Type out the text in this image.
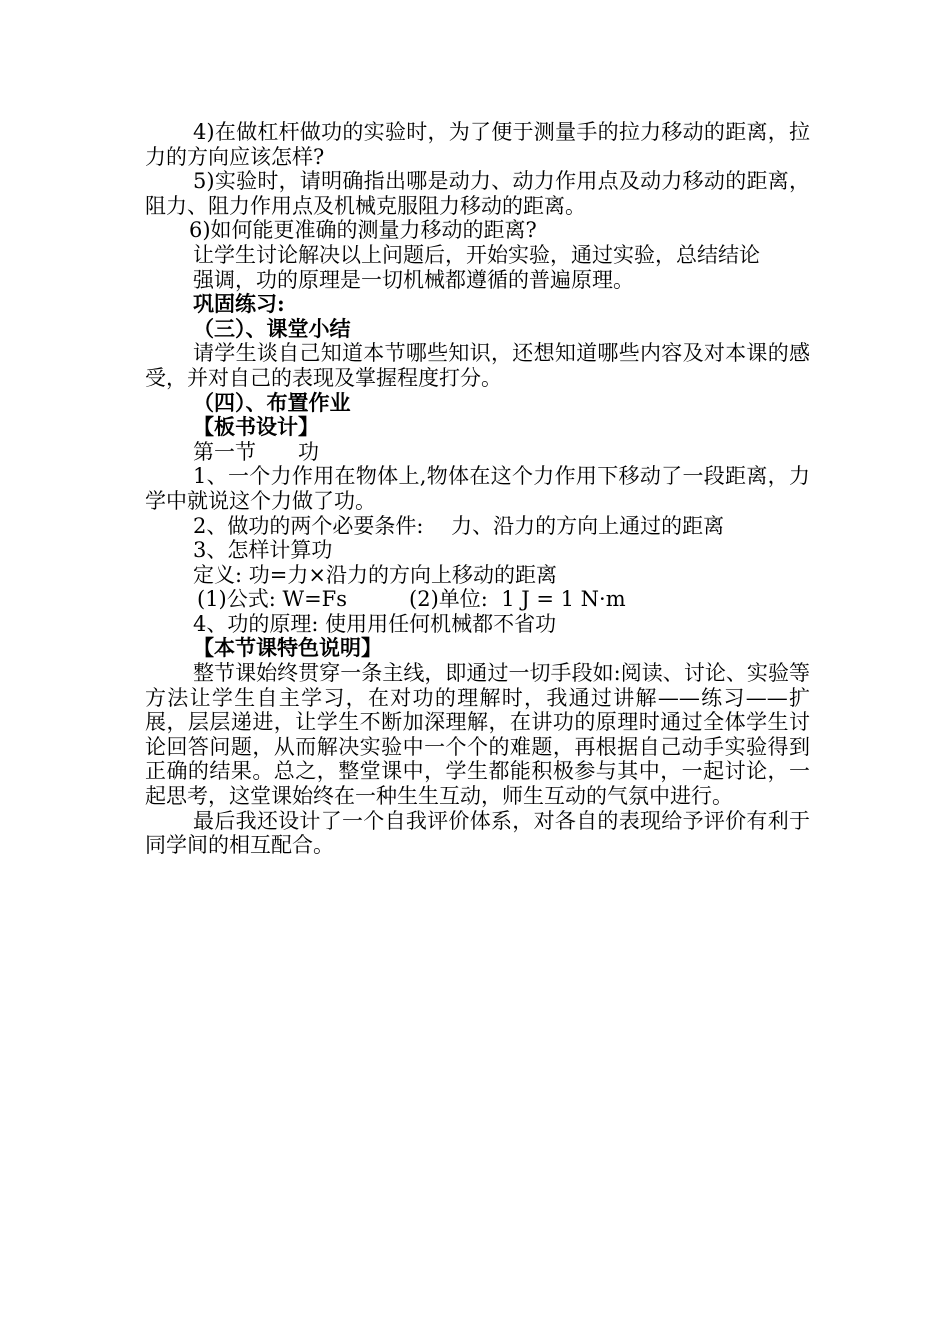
4)在做杠杆做功的实验时，为了便于测量手的拉力移动的距离，拉力的方向应该怎样?

5)实验时，请明确指出哪是动力、动力作用点及动力移动的距离，阻力、阻力作用点及机械克服阻力移动的距离。

6)如何能更准确的测量力移动的距离?

让学生讨论解决以上问题后，开始实验，通过实验，总结结论

强调，功的原理是一切机械都遵循的普遍原理。

巩固练习:

（三）、课堂小结

请学生谈自己知道本节哪些知识，还想知道哪些内容及对本课的感受，并对自己的表现及掌握程度打分。

（四）、布置作业

【板书设计】

第一节　　功

1、一个力作用在物体上,物体在这个力作用下移动了一段距离，力学中就说这个力做了功。

2、做功的两个必要条件:　 力、沿力的方向上通过的距离

3、怎样计算功

定义: 功=力×沿力的方向上移动的距离

(1)公式: W=Fs	(2)单位:  1 J = 1 N·m

4、功的原理: 使用用任何机械都不省功

【本节课特色说明】

整节课始终贯穿一条主线，即通过一切手段如:阅读、讨论、实验等方法让学生自主学习，在对功的理解时，我通过讲解——练习——扩展，层层递进，让学生不断加深理解，在讲功的原理时通过全体学生讨论回答问题，从而解决实验中一个个的难题，再根据自己动手实验得到正确的结果。总之，整堂课中，学生都能积极参与其中，一起讨论，一起思考，这堂课始终在一种生生互动，师生互动的气氛中进行。

最后我还设计了一个自我评价体系，对各自的表现给予评价有利于同学间的相互配合。
